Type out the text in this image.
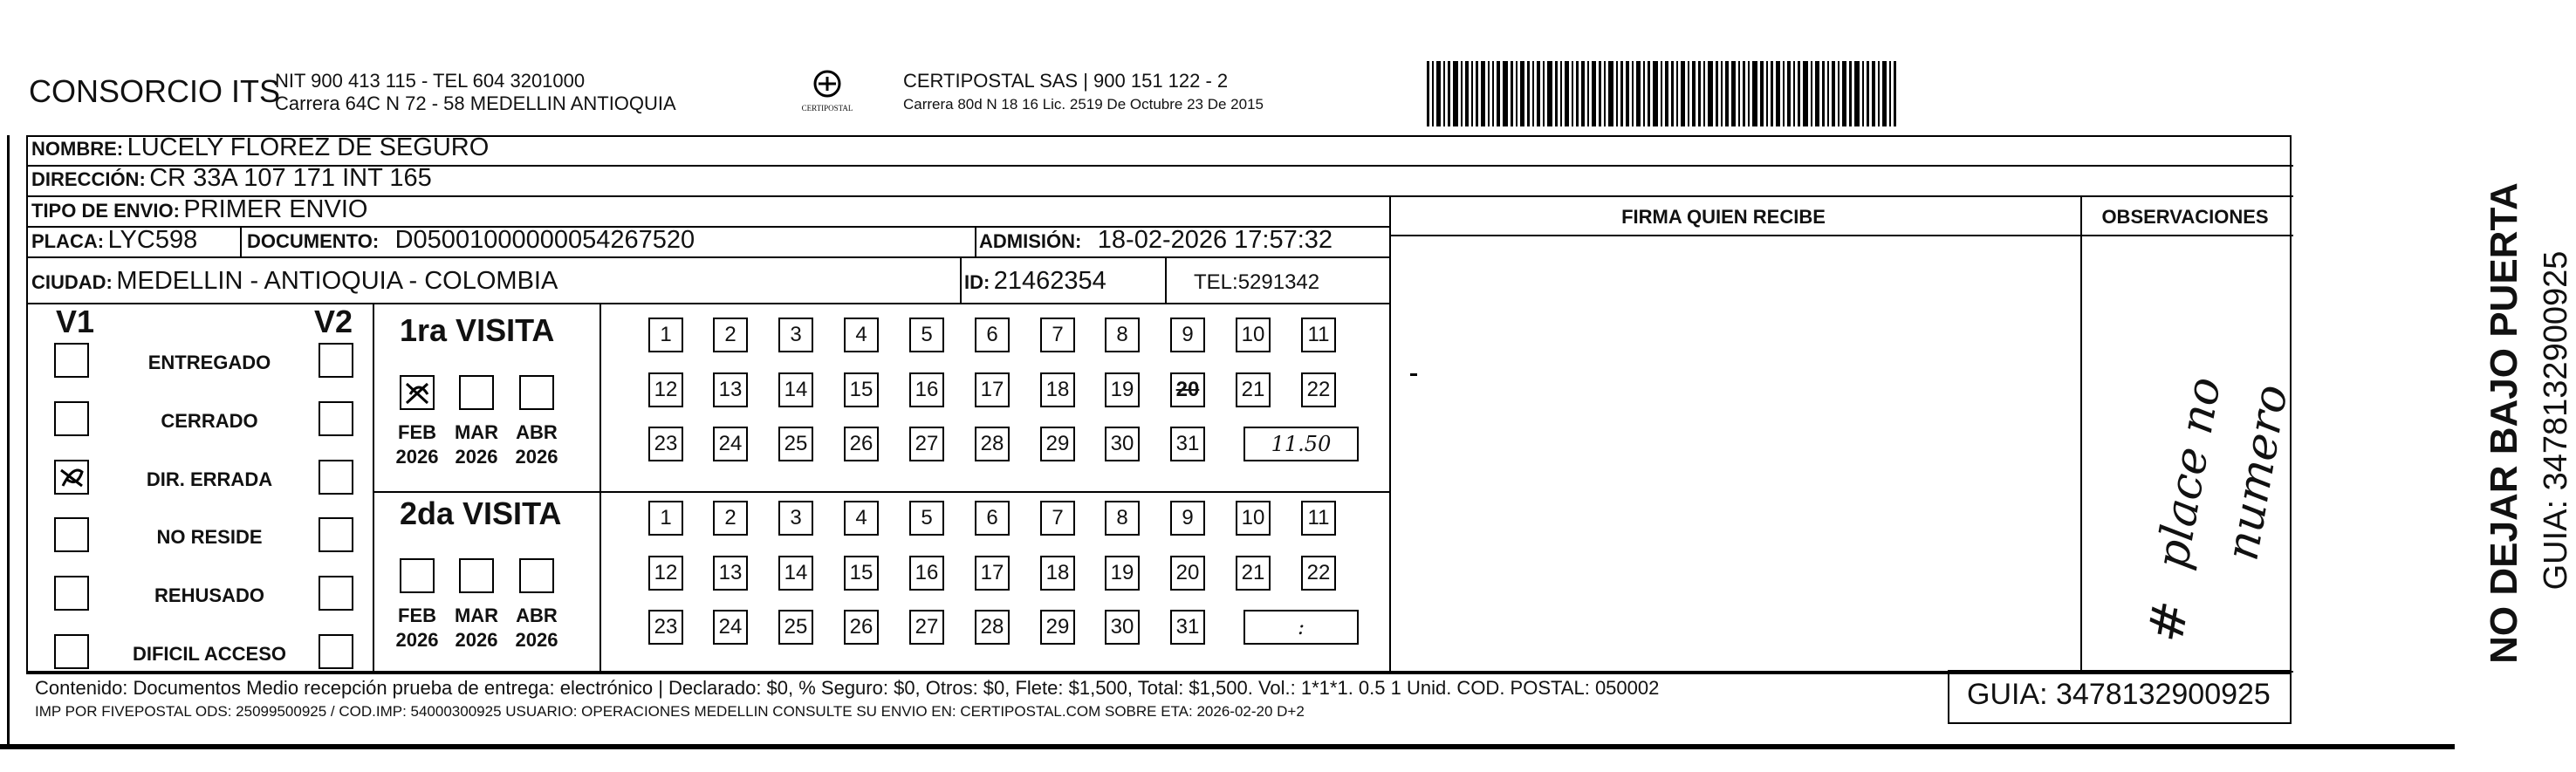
CONSORCIO ITS
NIT 900 413 115 - TEL 604 3201000
Carrera 64C N 72 - 58 MEDELLIN ANTIOQUIA	CERTIPOSTAL
CERTIPOSTAL SAS | 900 151 122 - 2
Carrera 80d N 18 16 Lic. 2519 De Octubre 23 De 2015
NOMBRE: LUCELY FLOREZ DE SEGURO
DIRECCIÓN: CR 33A 107 171 INT 165
TIPO DE ENVIO: PRIMER ENVIO
PLACA: LYC598	DOCUMENTO: D05001000000054267520	ADMISIÓN: 18-02-2026 17:57:32
CIUDAD: MEDELLIN - ANTIOQUIA - COLOMBIA	ID: 21462354	TEL:5291342
FIRMA QUIEN RECIBE	OBSERVACIONES
place no
numero
#	NO DEJAR BAJO PUERTA GUIA: 3478132900925
V1	V2
ENTREGADO
CERRADO
DIR. ERRADA
NO RESIDE
REHUSADO
DIFICIL ACCESO
1ra VISITA
2da VISITA
1	2	3	4	5	6	7	8	9	10	11
12 13 14 15 16 17 18 19 20 21 22
23 24 25 26 27 28 29 30 31	11.50
1	2	3	4	5	6	7	8	9	10	11
12 13 14 15 16 17 18 19 20 21 22
23 24 25 26 27 28 29 30 31	:
FEB
2026
MAR
2026
ABR
2026
FEB
2026
MAR
2026
ABR
2026
Contenido: Documentos Medio recepción prueba de entrega: electrónico | Declarado: $0, % Seguro: $0, Otros: $0, Flete: $1,500, Total: $1,500. Vol.: 1*1*1. 0.5 1 Unid. COD. POSTAL: 050002
IMP POR FIVEPOSTAL ODS: 25099500925 / COD.IMP: 54000300925 USUARIO: OPERACIONES MEDELLIN CONSULTE SU ENVIO EN: CERTIPOSTAL.COM SOBRE ETA: 2026-02-20 D+2
GUIA: 3478132900925
